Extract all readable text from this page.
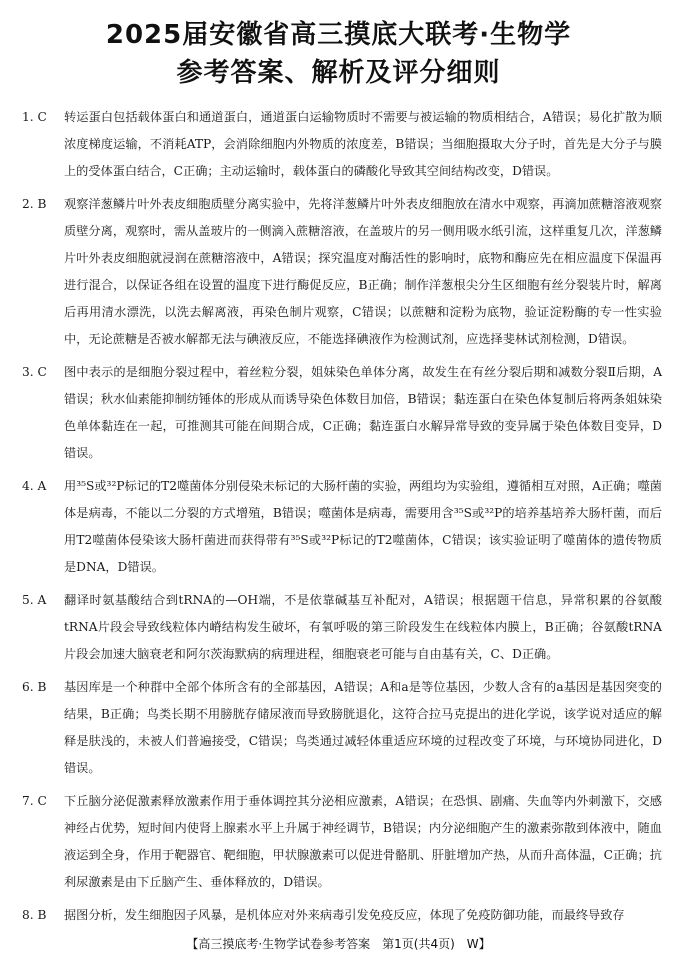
2025届安徽省高三摸底大联考·生物学
参考答案、解析及评分细则
1. C	转运蛋白包括载体蛋白和通道蛋白，通道蛋白运输物质时不需要与被运输的物质相结合，A错误；易化扩散为顺浓度梯度运输，不消耗ATP，会消除细胞内外物质的浓度差，B错误；当细胞摄取大分子时，首先是大分子与膜上的受体蛋白结合，C正确；主动运输时，载体蛋白的磷酸化导致其空间结构改变，D错误。
2. B	观察洋葱鳞片叶外表皮细胞质壁分离实验中，先将洋葱鳞片叶外表皮细胞放在清水中观察，再滴加蔗糖溶液观察质壁分离，观察时，需从盖玻片的一侧滴入蔗糖溶液，在盖玻片的另一侧用吸水纸引流，这样重复几次，洋葱鳞片叶外表皮细胞就浸润在蔗糖溶液中，A错误；探究温度对酶活性的影响时，底物和酶应先在相应温度下保温再进行混合，以保证各组在设置的温度下进行酶促反应，B正确；制作洋葱根尖分生区细胞有丝分裂装片时，解离后再用清水漂洗，以洗去解离液，再染色制片观察，C错误；以蔗糖和淀粉为底物，验证淀粉酶的专一性实验中，无论蔗糖是否被水解都无法与碘液反应，不能选择碘液作为检测试剂，应选择斐林试剂检测，D错误。
3. C	图中表示的是细胞分裂过程中，着丝粒分裂，姐妹染色单体分离，故发生在有丝分裂后期和减数分裂Ⅱ后期，A错误；秋水仙素能抑制纺锤体的形成从而诱导染色体数目加倍，B错误；黏连蛋白在染色体复制后将两条姐妹染色单体黏连在一起，可推测其可能在间期合成，C正确；黏连蛋白水解异常导致的变异属于染色体数目变异，D错误。
4. A	用³⁵S或³²P标记的T2噬菌体分别侵染未标记的大肠杆菌的实验，两组均为实验组，遵循相互对照，A正确；噬菌体是病毒，不能以二分裂的方式增殖，B错误；噬菌体是病毒，需要用含³⁵S或³²P的培养基培养大肠杆菌，而后用T2噬菌体侵染该大肠杆菌进而获得带有³⁵S或³²P标记的T2噬菌体，C错误；该实验证明了噬菌体的遗传物质是DNA，D错误。
5. A	翻译时氨基酸结合到tRNA的—OH端，不是依靠碱基互补配对，A错误；根据题干信息，异常积累的谷氨酸tRNA片段会导致线粒体内嵴结构发生破坏，有氧呼吸的第三阶段发生在线粒体内膜上，B正确；谷氨酸tRNA片段会加速大脑衰老和阿尔茨海默病的病理进程，细胞衰老可能与自由基有关，C、D正确。
6. B	基因库是一个种群中全部个体所含有的全部基因，A错误；A和a是等位基因，少数人含有的a基因是基因突变的结果，B正确；鸟类长期不用膀胱存储尿液而导致膀胱退化，这符合拉马克提出的进化学说，该学说对适应的解释是肤浅的，未被人们普遍接受，C错误；鸟类通过减轻体重适应环境的过程改变了环境，与环境协同进化，D错误。
7. C	下丘脑分泌促激素释放激素作用于垂体调控其分泌相应激素，A错误；在恐惧、剧痛、失血等内外刺激下，交感神经占优势，短时间内使肾上腺素水平上升属于神经调节，B错误；内分泌细胞产生的激素弥散到体液中，随血液运到全身，作用于靶器官、靶细胞，甲状腺激素可以促进骨骼肌、肝脏增加产热，从而升高体温，C正确；抗利尿激素是由下丘脑产生、垂体释放的，D错误。
8. B	据图分析，发生细胞因子风暴，是机体应对外来病毒引发免疫反应，体现了免疫防御功能，而最终导致存
【高三摸底考·生物学试卷参考答案　第1页(共4页)　W】
